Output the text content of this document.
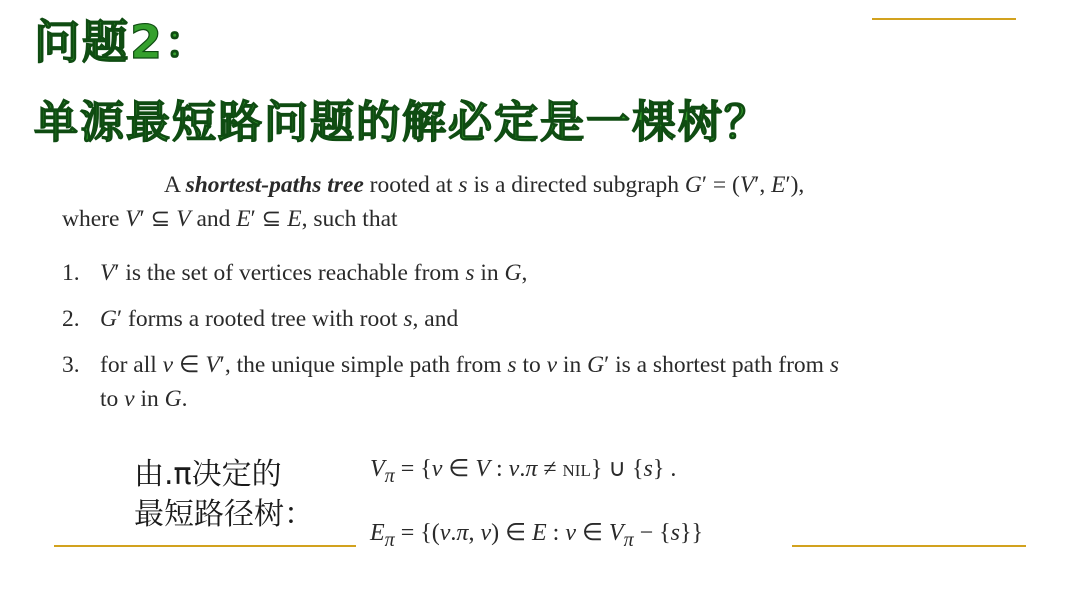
问题2：
单源最短路问题的解必定是一棵树？
A shortest-paths tree rooted at s is a directed subgraph G′ = (V′, E′),
where V′ ⊆ V and E′ ⊆ E, such that
1. V′ is the set of vertices reachable from s in G,
2. G′ forms a rooted tree with root s, and
3. for all v ∈ V′, the unique simple path from s to v in G′ is a shortest path from s
to v in G.
由.π决定的
最短路径树：
$V_\pi = \{v$ ∈ V : v.π ≠ NIL} ∪ {s} .
$E_\pi = \{(v.\pi$, v) ∈ E : v ∈ $V_\pi - \{s\}$}
